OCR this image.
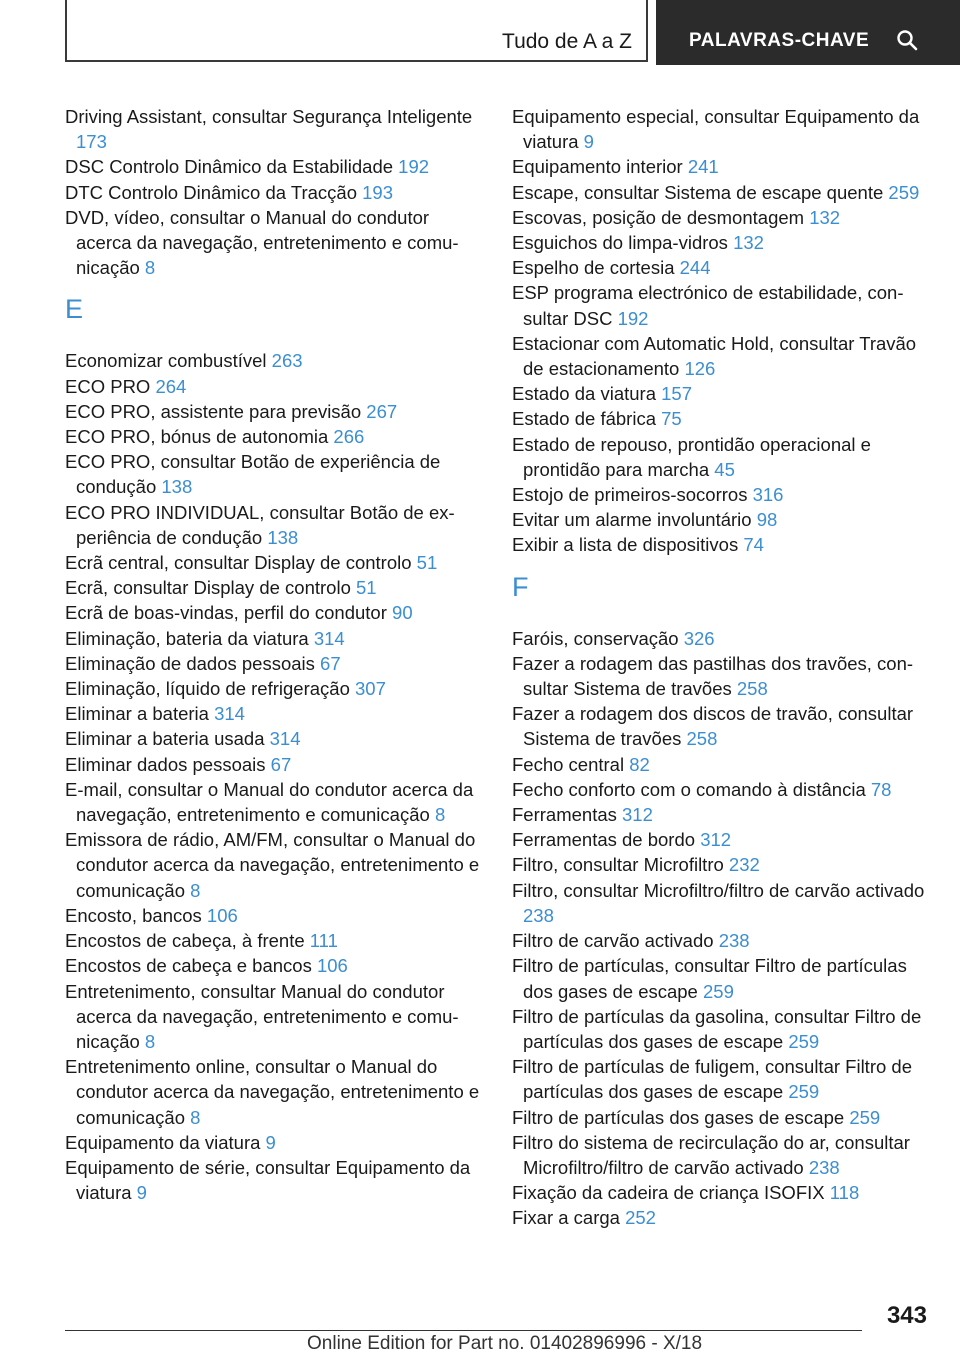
Tudo de A a Z	PALAVRAS-CHAVE

Driving Assistant, consultar Segurança Inteligente 173

DSC Controlo Dinâmico da Estabilidade 192

DTC Controlo Dinâmico da Tracção 193

DVD, vídeo, consultar o Manual do condutor acerca da navegação, entretenimento e comunicação 8

E

Economizar combustível 263

ECO PRO 264

ECO PRO, assistente para previsão 267

ECO PRO, bónus de autonomia 266

ECO PRO, consultar Botão de experiência de condução 138

ECO PRO INDIVIDUAL, consultar Botão de experiência de condução 138

Ecrã central, consultar Display de controlo 51

Ecrã, consultar Display de controlo 51

Ecrã de boas-vindas, perfil do condutor 90

Eliminação, bateria da viatura 314

Eliminação de dados pessoais 67

Eliminação, líquido de refrigeração 307

Eliminar a bateria 314

Eliminar a bateria usada 314

Eliminar dados pessoais 67

E-mail, consultar o Manual do condutor acerca da navegação, entretenimento e comunicação 8

Emissora de rádio, AM/FM, consultar o Manual do condutor acerca da navegação, entretenimento e comunicação 8

Encosto, bancos 106

Encostos de cabeça, à frente 111

Encostos de cabeça e bancos 106

Entretenimento, consultar Manual do condutor acerca da navegação, entretenimento e comunicação 8

Entretenimento online, consultar o Manual do condutor acerca da navegação, entretenimento e comunicação 8

Equipamento da viatura 9

Equipamento de série, consultar Equipamento da viatura 9

Equipamento especial, consultar Equipamento da viatura 9

Equipamento interior 241

Escape, consultar Sistema de escape quente 259

Escovas, posição de desmontagem 132

Esguichos do limpa-vidros 132

Espelho de cortesia 244

ESP programa electrónico de estabilidade, consultar DSC 192

Estacionar com Automatic Hold, consultar Travão de estacionamento 126

Estado da viatura 157

Estado de fábrica 75

Estado de repouso, prontidão operacional e prontidão para marcha 45

Estojo de primeiros-socorros 316

Evitar um alarme involuntário 98

Exibir a lista de dispositivos 74

F

Faróis, conservação 326

Fazer a rodagem das pastilhas dos travões, consultar Sistema de travões 258

Fazer a rodagem dos discos de travão, consultar Sistema de travões 258

Fecho central 82

Fecho conforto com o comando à distância 78

Ferramentas 312

Ferramentas de bordo 312

Filtro, consultar Microfiltro 232

Filtro, consultar Microfiltro/filtro de carvão activado 238

Filtro de carvão activado 238

Filtro de partículas, consultar Filtro de partículas dos gases de escape 259

Filtro de partículas da gasolina, consultar Filtro de partículas dos gases de escape 259

Filtro de partículas de fuligem, consultar Filtro de partículas dos gases de escape 259

Filtro de partículas dos gases de escape 259

Filtro do sistema de recirculação do ar, consultar Microfiltro/filtro de carvão activado 238

Fixação da cadeira de criança ISOFIX 118

Fixar a carga 252

343
Online Edition for Part no. 01402896996 - X/18
